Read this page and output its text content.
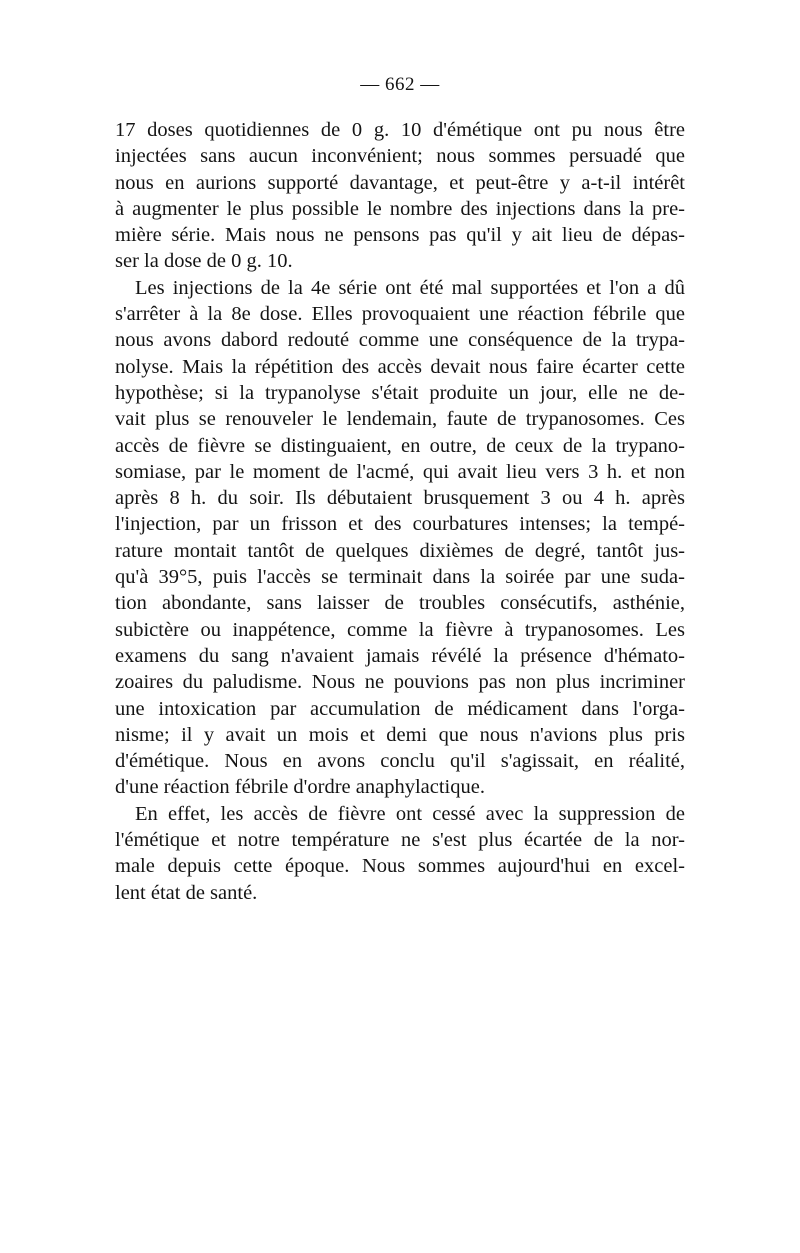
— 662 —
17 doses quotidiennes de 0 g. 10 d'émétique ont pu nous être
injectées sans aucun inconvénient; nous sommes persuadé que
nous en aurions supporté davantage, et peut-être y a-t-il intérêt
à augmenter le plus possible le nombre des injections dans la pre-
mière série. Mais nous ne pensons pas qu'il y ait lieu de dépas-
ser la dose de 0 g. 10.
Les injections de la 4e série ont été mal supportées et l'on a dû
s'arrêter à la 8e dose. Elles provoquaient une réaction fébrile que
nous avons dabord redouté comme une conséquence de la trypa-
nolyse. Mais la répétition des accès devait nous faire écarter cette
hypothèse; si la trypanolyse s'était produite un jour, elle ne de-
vait plus se renouveler le lendemain, faute de trypanosomes. Ces
accès de fièvre se distinguaient, en outre, de ceux de la trypano-
somiase, par le moment de l'acmé, qui avait lieu vers 3 h. et non
après 8 h. du soir. Ils débutaient brusquement 3 ou 4 h. après
l'injection, par un frisson et des courbatures intenses; la tempé-
rature montait tantôt de quelques dixièmes de degré, tantôt jus-
qu'à 39°5, puis l'accès se terminait dans la soirée par une suda-
tion abondante, sans laisser de troubles consécutifs, asthénie,
subictère ou inappétence, comme la fièvre à trypanosomes. Les
examens du sang n'avaient jamais révélé la présence d'hémato-
zoaires du paludisme. Nous ne pouvions pas non plus incriminer
une intoxication par accumulation de médicament dans l'orga-
nisme; il y avait un mois et demi que nous n'avions plus pris
d'émétique. Nous en avons conclu qu'il s'agissait, en réalité,
d'une réaction fébrile d'ordre anaphylactique.
En effet, les accès de fièvre ont cessé avec la suppression de
l'émétique et notre température ne s'est plus écartée de la nor-
male depuis cette époque. Nous sommes aujourd'hui en excel-
lent état de santé.
